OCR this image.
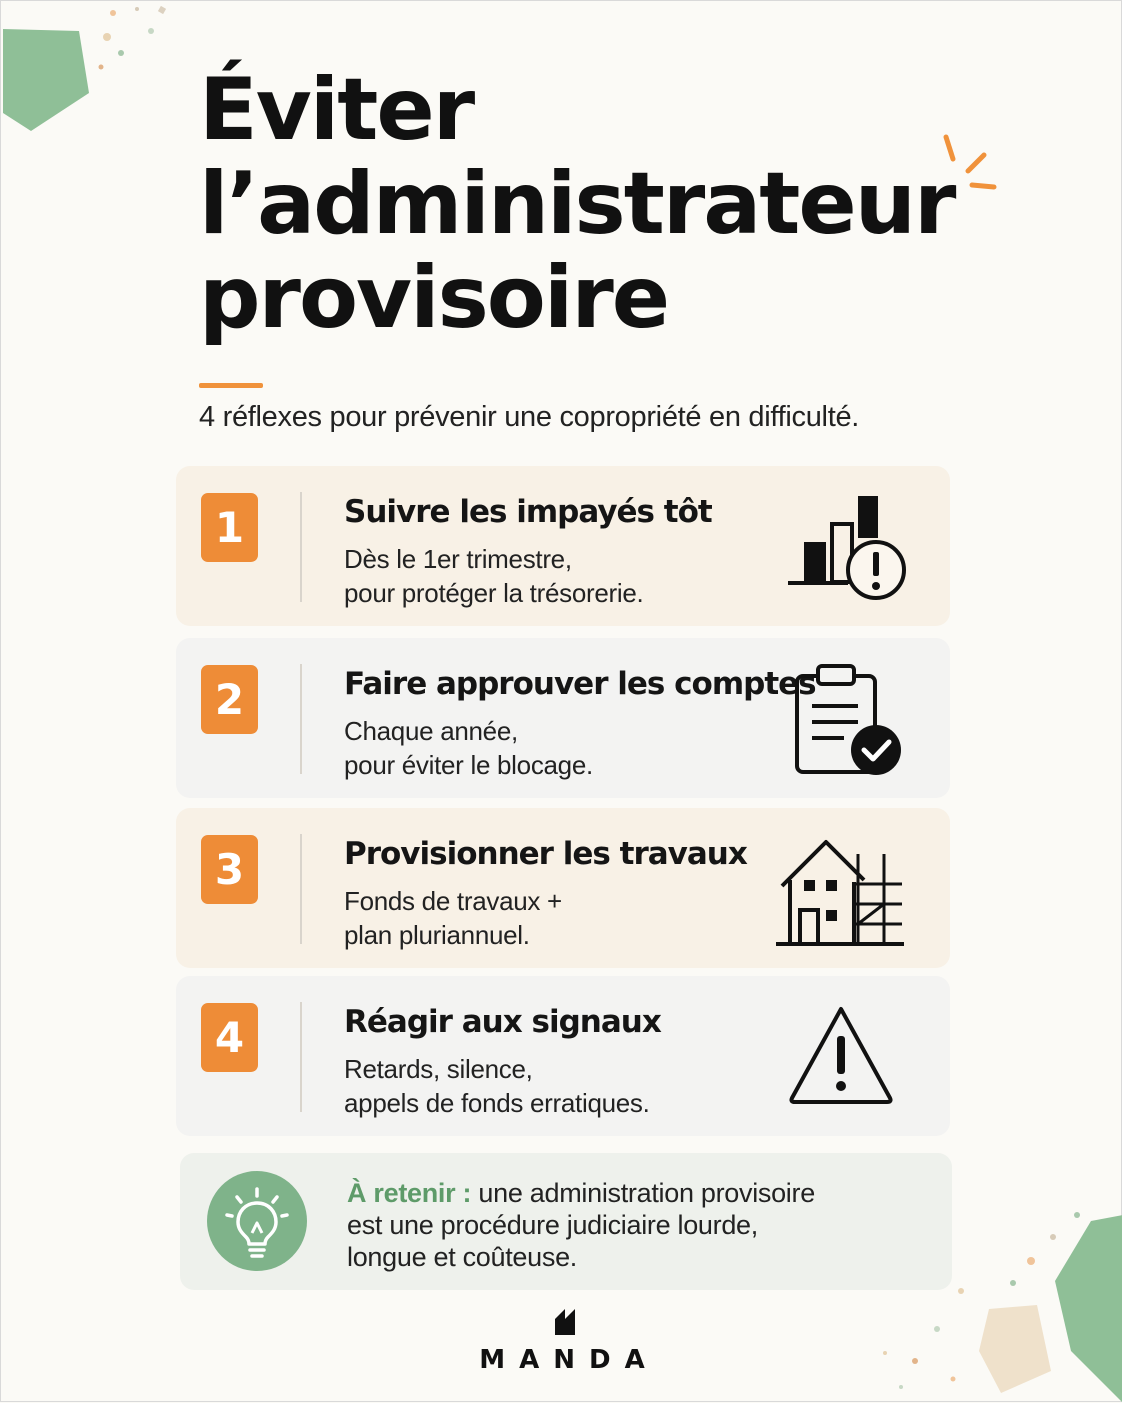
Éviter
l’administrateur
provisoire
4 réflexes pour prévenir une copropriété en difficulté.
1	Suivre les impayés tôt
Dès le 1er trimestre,
pour protéger la trésorerie.
2	Faire approuver les comptes
Chaque année,
pour éviter le blocage.
3	Provisionner les travaux
Fonds de travaux +
plan pluriannuel.
4	Réagir aux signaux
Retards, silence,
appels de fonds erratiques.
À retenir : une administration provisoire
est une procédure judiciaire lourde,
longue et coûteuse.
MANDA
